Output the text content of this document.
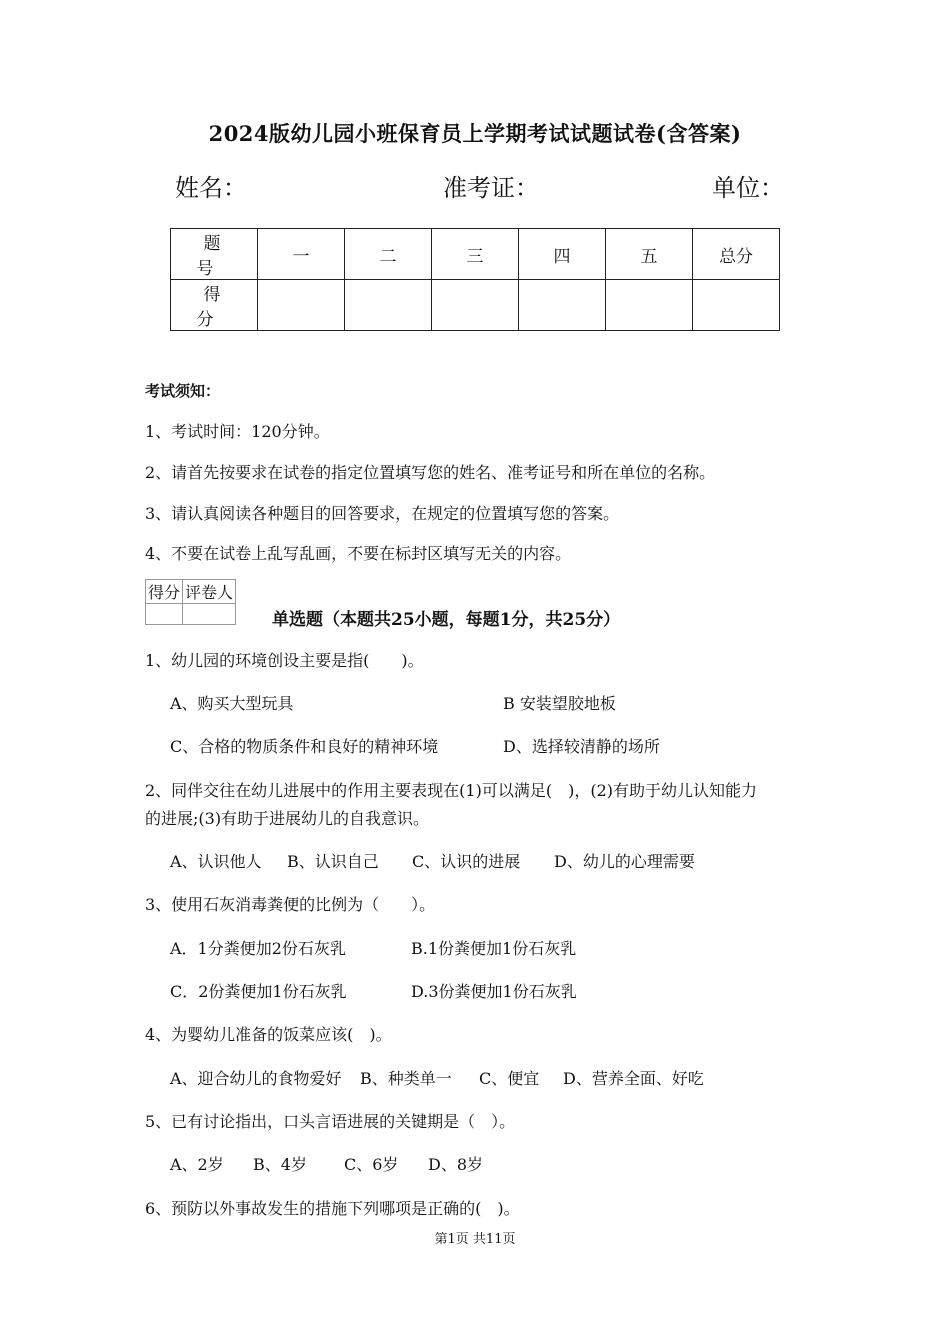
2024版幼儿园小班保育员上学期考试试题试卷(含答案)
姓名：	准考证：	单位：
题 号	一	二	三	四	五	总分
得 分						
考试须知：
1、考试时间：120分钟。
2、请首先按要求在试卷的指定位置填写您的姓名、准考证号和所在单位的名称。
3、请认真阅读各种题目的回答要求，在规定的位置填写您的答案。
4、不要在试卷上乱写乱画，不要在标封区填写无关的内容。
得分	评卷人

单选题（本题共25小题，每题1分，共25分）
1、幼儿园的环境创设主要是指(　　)。
A、购买大型玩具	B 安装望胶地板
C、合格的物质条件和良好的精神环境	D、选择较清静的场所
2、同伴交往在幼儿进展中的作用主要表现在(1)可以满足(　)，(2)有助于幼儿认知能力
的进展;(3)有助于进展幼儿的自我意识。
A、认识他人 B、认识自己 C、认识的进展 D、幼儿的心理需要
3、使用石灰消毒粪便的比例为（　　）。
A．1分粪便加2份石灰乳	B.1份粪便加1份石灰乳
C．2份粪便加1份石灰乳	D.3份粪便加1份石灰乳
4、为婴幼儿准备的饭菜应该(　)。
A、迎合幼儿的食物爱好 B、种类单一 C、便宜 D、营养全面、好吃
5、已有讨论指出，口头言语进展的关键期是（　）。
A、2岁 B、4岁 C、6岁 D、8岁
6、预防以外事故发生的措施下列哪项是正确的(　)。
第1页 共11页
